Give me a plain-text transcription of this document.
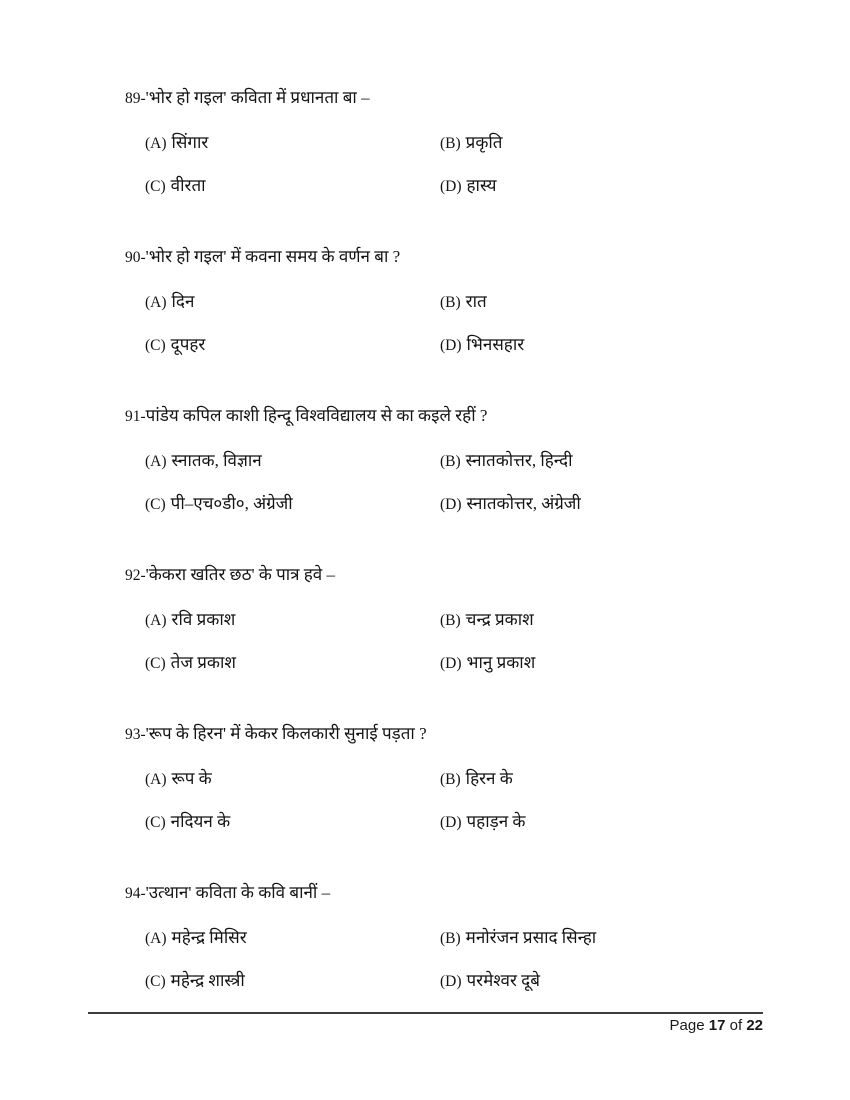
89-'भोर हो गइल' कविता में प्रधानता बा –

(A) सिंगार	(B) प्रकृति
(C) वीरता	(D) हास्य

90-'भोर हो गइल' में कवना समय के वर्णन बा ?

(A) दिन	(B) रात
(C) दूपहर	(D) भिनसहार

91-पांडेय कपिल काशी हिन्दू विश्वविद्यालय से का कइले रहीं ?

(A) स्नातक, विज्ञान	(B) स्नातकोत्तर, हिन्दी
(C) पी–एच०डी०, अंग्रेजी	(D) स्नातकोत्तर, अंग्रेजी

92-'केकरा खतिर छठ' के पात्र हवे –

(A) रवि प्रकाश	(B) चन्द्र प्रकाश
(C) तेज प्रकाश	(D) भानु प्रकाश

93-'रूप के हिरन' में केकर किलकारी सुनाई पड़ता ?

(A) रूप के	(B) हिरन के
(C) नदियन के	(D) पहाड़न के

94-'उत्थान' कविता के कवि बानीं –

(A) महेन्द्र मिसिर	(B) मनोरंजन प्रसाद सिन्हा
(C) महेन्द्र शास्त्री	(D) परमेश्वर दूबे
Page 17 of 22
